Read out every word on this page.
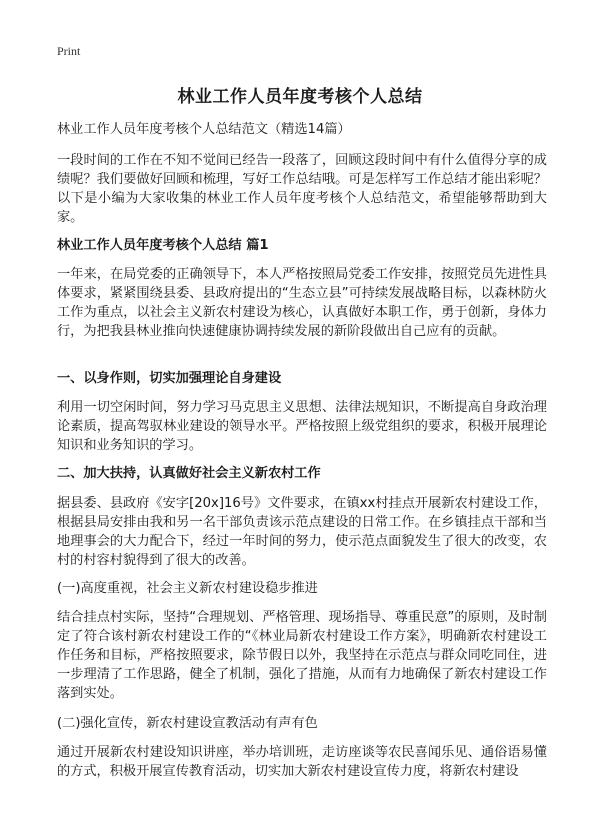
Print
林业工作人员年度考核个人总结
林业工作人员年度考核个人总结范文（精选14篇）
一段时间的工作在不知不觉间已经告一段落了，回顾这段时间中有什么值得分享的成绩呢？我们要做好回顾和梳理，写好工作总结哦。可是怎样写工作总结才能出彩呢？以下是小编为大家收集的林业工作人员年度考核个人总结范文，希望能够帮助到大家。
林业工作人员年度考核个人总结 篇1
一年来，在局党委的正确领导下，本人严格按照局党委工作安排，按照党员先进性具体要求，紧紧围绕县委、县政府提出的“生态立县”可持续发展战略目标，以森林防火工作为重点，以社会主义新农村建设为核心，认真做好本职工作，勇于创新，身体力行，为把我县林业推向快速健康协调持续发展的新阶段做出自己应有的贡献。
一、以身作则，切实加强理论自身建设
利用一切空闲时间，努力学习马克思主义思想、法律法规知识，不断提高自身政治理论素质，提高驾驭林业建设的领导水平。严格按照上级党组织的要求，积极开展理论知识和业务知识的学习。
二、加大扶持，认真做好社会主义新农村工作
据县委、县政府《安字[20x]16号》文件要求，在镇xx村挂点开展新农村建设工作，根据县局安排由我和另一名干部负责该示范点建设的日常工作。在乡镇挂点干部和当地理事会的大力配合下，经过一年时间的努力，使示范点面貌发生了很大的改变，农村的村容村貌得到了很大的改善。
(一)高度重视，社会主义新农村建设稳步推进
结合挂点村实际，坚持“合理规划、严格管理、现场指导、尊重民意”的原则，及时制定了符合该村新农村建设工作的“《林业局新农村建设工作方案》，明确新农村建设工作任务和目标，严格按照要求，除节假日以外，我坚持在示范点与群众同吃同住，进一步理清了工作思路，健全了机制，强化了措施，从而有力地确保了新农村建设工作落到实处。
(二)强化宣传，新农村建设宣教活动有声有色
通过开展新农村建设知识讲座，举办培训班，走访座谈等农民喜闻乐见、通俗语易懂的方式，积极开展宣传教育活动，切实加大新农村建设宣传力度，将新农村建设
